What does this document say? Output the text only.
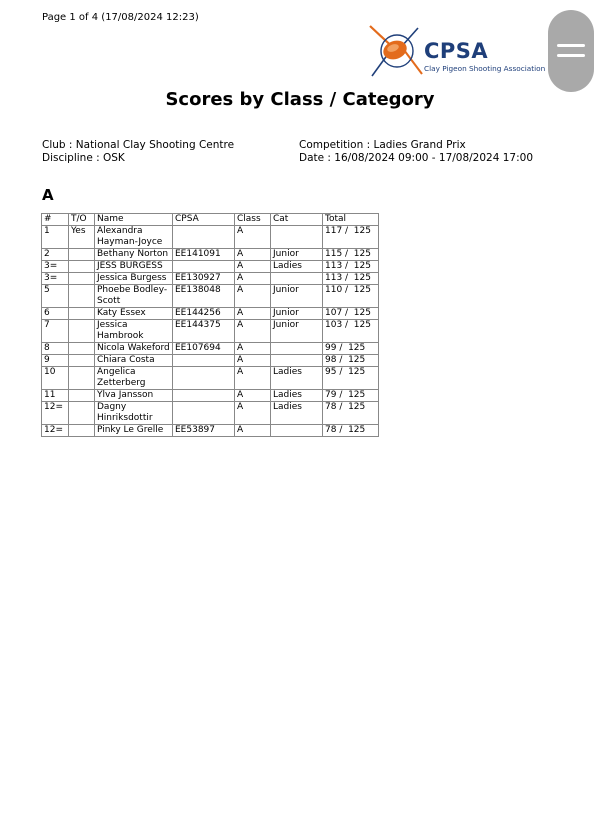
Page 1 of 4 (17/08/2024 12:23)
CPSA
Clay Pigeon Shooting Association
Scores by Class / Category
Club : National Clay Shooting Centre
Discipline : OSK
Competition : Ladies Grand Prix
Date : 16/08/2024 09:00 - 17/08/2024 17:00
A
#	T/O	Name	CPSA	Class	Cat	Total
1	Yes	Alexandra Hayman-Joyce		A		117 /  125
2		Bethany Norton	EE141091	A	Junior	115 /  125
3=		JESS BURGESS		A	Ladies	113 /  125
3=		Jessica Burgess	EE130927	A		113 /  125
5		Phoebe Bodley-Scott	EE138048	A	Junior	110 /  125
6		Katy Essex	EE144256	A	Junior	107 /  125
7		Jessica Hambrook	EE144375	A	Junior	103 /  125
8		Nicola Wakeford	EE107694	A		99 /  125
9		Chiara Costa		A		98 /  125
10		Angelica Zetterberg		A	Ladies	95 /  125
11		Ylva Jansson		A	Ladies	79 /  125
12=		Dagny Hinriksdottir		A	Ladies	78 /  125
12=		Pinky Le Grelle	EE53897	A		78 /  125
